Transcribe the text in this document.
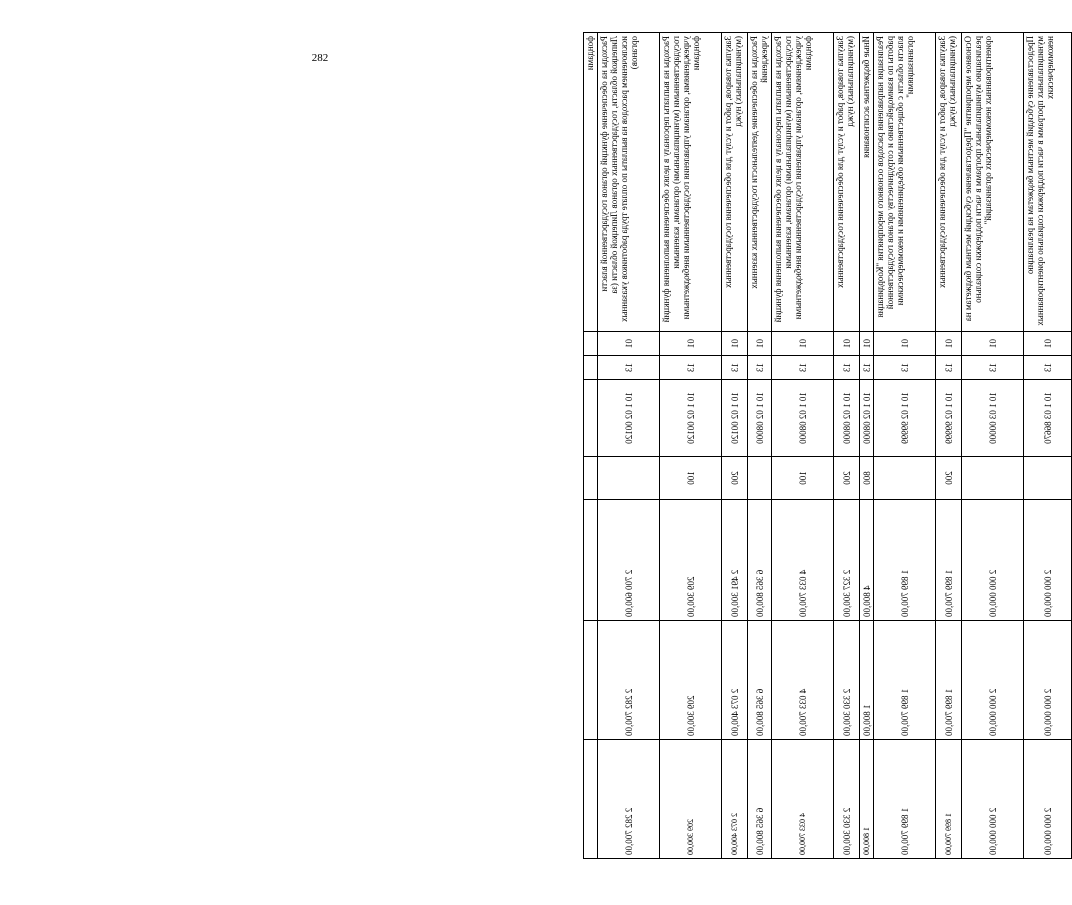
282	фондами							
Расходы на обеспечение функций органов государственной власти Липецкой области, государственных органов Липецкой области (за исключением расходов на выплаты по оплате труда работников указанных органов)	01	13	10 1 02 00120		2 700 600,00	2 282 700,00	2 282 700,00
Расходы на выплаты персоналу в целях обеспечения выполнения функций государственными (муниципальными) органами, казенными учреждениями, органами управления государственными внебюджетными фондами	01	13	10 1 02 00120	100	209 300,00	209 300,00	209 300,00
Закупка товаров, работ и услуг для обеспечения государственных (муниципальных) нужд	01	13	10 1 02 00120	200	2 491 300,00	2 073 400,00	2 073 400,00
Расходы на обеспечение деятельности государственных казенных учреждений	01	13	10 1 02 08000		6 365 800,00	6 365 800,00	6 365 800,00
Расходы на выплаты персоналу в целях обеспечения выполнения функций государственными (муниципальными) органами, казенными учреждениями, органами управления государственными внебюджетными фондами	01	13	10 1 02 08000	100	4 033 700,00	4 033 700,00	4 033 700,00
Закупка товаров, работ и услуг для обеспечения государственных (муниципальных) нужд	01	13	10 1 02 08000	200	2 327 300,00	2 330 300,00	2 330 300,00
Иные бюджетные ассигнования	01	13	10 1 02 08000	800	4 800,00	1 800,00	1 800,00
Реализация направления расходов основного мероприятия "Координация работы по взаимодействию и сотрудничеству органов государственной власти области с общественными объединениями и некоммерческими организациями"	01	13	10 1 02 99999		1 899 700,00	1 899 700,00	1 899 700,00
Закупка товаров, работ и услуг для обеспечения государственных (муниципальных) нужд	01	13	10 1 02 99999	200	1 899 700,00	1 899 700,00	1 899 700,00
Основное мероприятие "Предоставление субсидий местным бюджетам на реализацию муниципальных программ в части поддержки социально ориентированных некоммерческих организаций"	01	13	10 1 03 00000		2 000 000,00	2 000 000,00	2 000 000,00
Предоставление субсидий местным бюджетам на реализацию муниципальных программ в части поддержки социально ориентированных некоммерческих	01	13	10 1 03 86670		2 000 000,00	2 000 000,00	2 000 000,00
